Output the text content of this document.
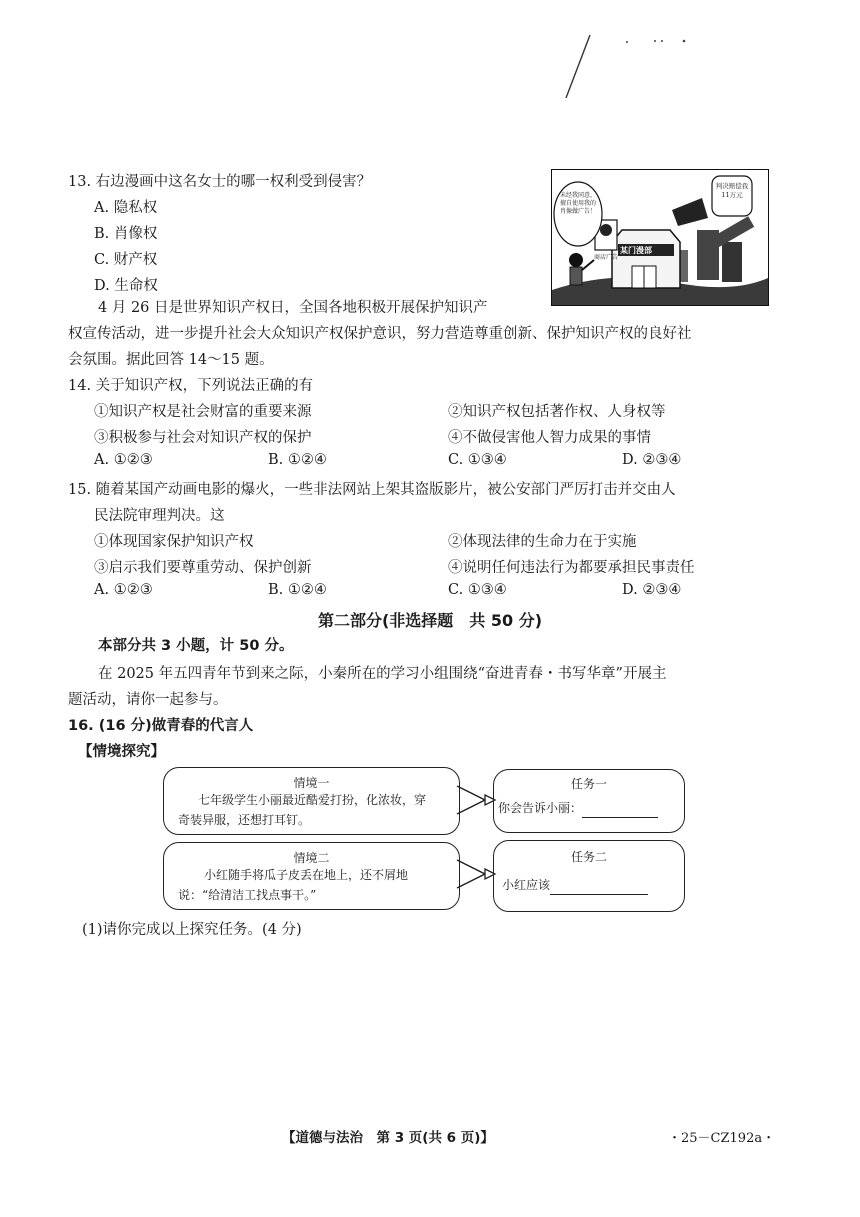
13. 右边漫画中这名女士的哪一权利受到侵害？
A. 隐私权
B. 肖像权
C. 财产权
D. 生命权
未经我同意，擅自使用我的肖像做广告！
某门漫部
商店广告
判决赔偿我11万元
4 月 26 日是世界知识产权日，全国各地积极开展保护知识产
权宣传活动，进一步提升社会大众知识产权保护意识，努力营造尊重创新、保护知识产权的良好社
会氛围。据此回答 14～15 题。
14. 关于知识产权，下列说法正确的有
①知识产权是社会财富的重要来源	②知识产权包括著作权、人身权等
③积极参与社会对知识产权的保护	④不做侵害他人智力成果的事情
A. ①②③	B. ①②④	C. ①③④	D. ②③④
15. 随着某国产动画电影的爆火，一些非法网站上架其盗版影片，被公安部门严厉打击并交由人
民法院审理判决。这
①体现国家保护知识产权	②体现法律的生命力在于实施
③启示我们要尊重劳动、保护创新	④说明任何违法行为都要承担民事责任
A. ①②③	B. ①②④	C. ①③④	D. ②③④
第二部分(非选择题　共 50 分)
本部分共 3 小题，计 50 分。
在 2025 年五四青年节到来之际，小秦所在的学习小组围绕“奋进青春・书写华章”开展主
题活动，请你一起参与。
16. (16 分)做青春的代言人
【情境探究】
情境一
七年级学生小丽最近酷爱打扮，化浓妆，穿
奇装异服，还想打耳钉。
任务一
你会告诉小丽：
情境二
小红随手将瓜子皮丢在地上，还不屑地
说：“给清洁工找点事干。”
任务二
小红应该
(1)请你完成以上探究任务。(4 分)
【道德与法治　第 3 页(共 6 页)】	・25－CZ192a・
